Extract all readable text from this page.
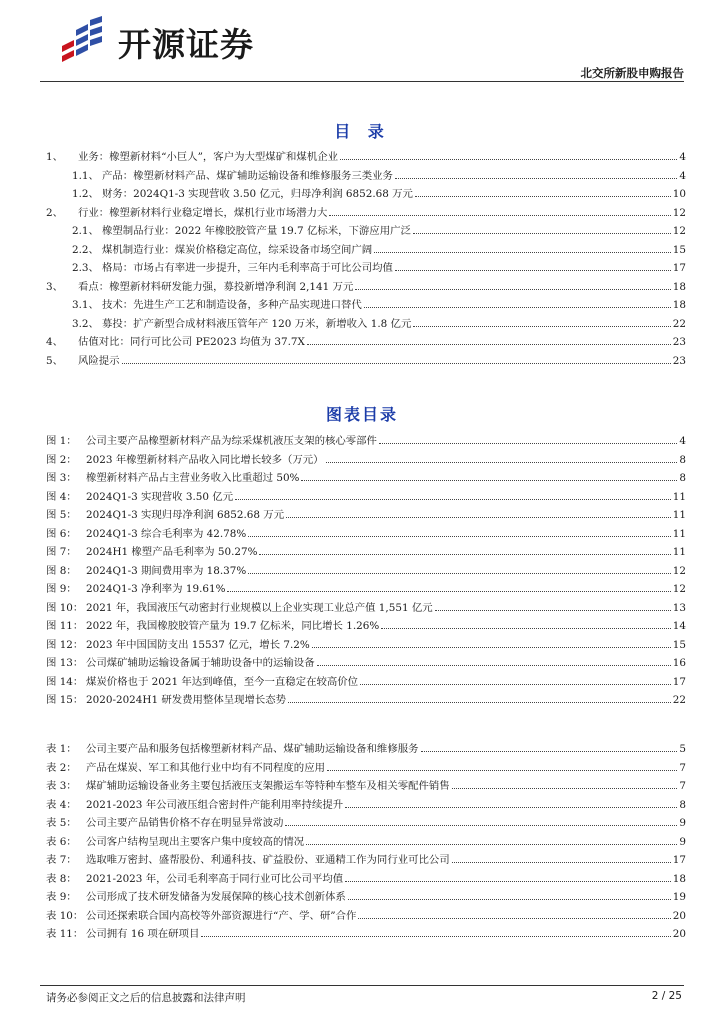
开源证券
北交所新股申购报告
目 录
1、	业务：橡塑新材料“小巨人”，客户为大型煤矿和煤机企业	4
1.1、 产品：橡塑新材料产品、煤矿辅助运输设备和维修服务三类业务	4
1.2、 财务：2024Q1-3 实现营收 3.50 亿元，归母净利润 6852.68 万元	10
2、	行业：橡塑新材料行业稳定增长，煤机行业市场潜力大	12
2.1、 橡塑制品行业：2022 年橡胶胶管产量 19.7 亿标米，下游应用广泛	12
2.2、 煤机制造行业：煤炭价格稳定高位，综采设备市场空间广阔	15
2.3、 格局：市场占有率进一步提升，三年内毛利率高于可比公司均值	17
3、	看点：橡塑新材料研发能力强，募投新增净利润 2,141 万元	18
3.1、 技术：先进生产工艺和制造设备，多种产品实现进口替代	18
3.2、 募投：扩产新型合成材料液压管年产 120 万米，新增收入 1.8 亿元	22
4、	估值对比：同行可比公司 PE2023 均值为 37.7X	23
5、	风险提示	23
图表目录
图 1： 公司主要产品橡塑新材料产品为综采煤机液压支架的核心零部件	4
图 2： 2023 年橡塑新材料产品收入同比增长较多（万元）	8
图 3： 橡塑新材料产品占主营业务收入比重超过 50%	8
图 4： 2024Q1-3 实现营收 3.50 亿元	11
图 5： 2024Q1-3 实现归母净利润 6852.68 万元	11
图 6： 2024Q1-3 综合毛利率为 42.78%	11
图 7： 2024H1 橡塑产品毛利率为 50.27%	11
图 8： 2024Q1-3 期间费用率为 18.37%	12
图 9： 2024Q1-3 净利率为 19.61%	12
图 10： 2021 年，我国液压气动密封行业规模以上企业实现工业总产值 1,551 亿元	13
图 11： 2022 年，我国橡胶胶管产量为 19.7 亿标米，同比增长 1.26%	14
图 12： 2023 年中国国防支出 15537 亿元，增长 7.2%	15
图 13： 公司煤矿辅助运输设备属于辅助设备中的运输设备	16
图 14： 煤炭价格也于 2021 年达到峰值，至今一直稳定在较高价位	17
图 15： 2020-2024H1 研发费用整体呈现增长态势	22
表 1： 公司主要产品和服务包括橡塑新材料产品、煤矿辅助运输设备和维修服务	5
表 2： 产品在煤炭、军工和其他行业中均有不同程度的应用	7
表 3： 煤矿辅助运输设备业务主要包括液压支架搬运车等特种车整车及相关零配件销售	7
表 4： 2021-2023 年公司液压组合密封件产能利用率持续提升	8
表 5： 公司主要产品销售价格不存在明显异常波动	9
表 6： 公司客户结构呈现出主要客户集中度较高的情况	9
表 7： 选取唯万密封、盛帮股份、利通科技、矿益股份、亚通精工作为同行业可比公司	17
表 8： 2021-2023 年，公司毛利率高于同行业可比公司平均值	18
表 9： 公司形成了技术研发储备为发展保障的核心技术创新体系	19
表 10： 公司还探索联合国内高校等外部资源进行“产、学、研”合作	20
表 11： 公司拥有 16 项在研项目	20
请务必参阅正文之后的信息披露和法律声明	2 / 25
